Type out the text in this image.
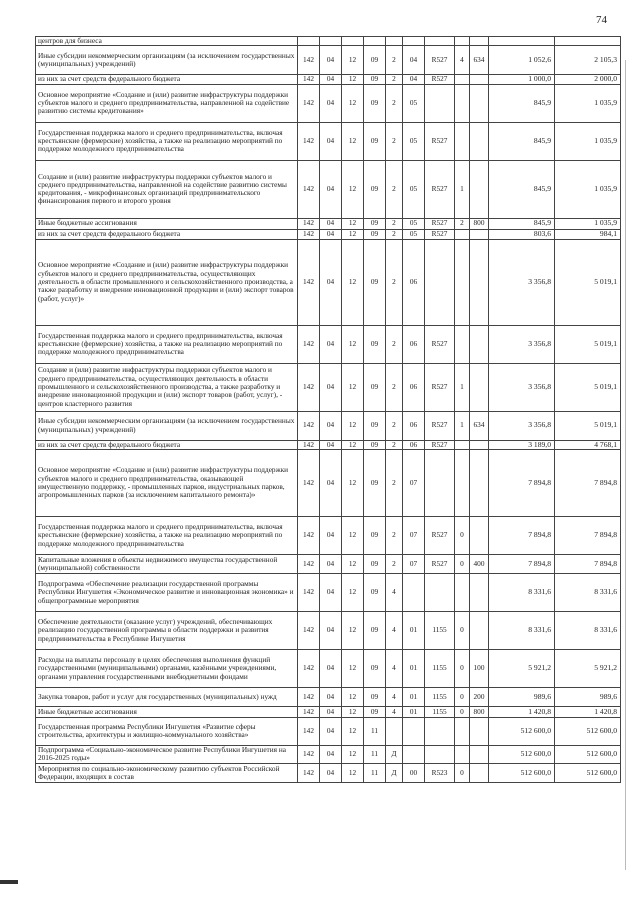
74
центров для бизнеса											
Иные субсидии некоммерческим организациям (за исключением государственных (муниципальных) учреждений)	142	04	12	09	2	04	R527	4	634	1 052,6	2 105,3
из них за счет средств федерального бюджета	142	04	12	09	2	04	R527			1 000,0	2 000,0
Основное мероприятие «Создание и (или) развитие инфраструктуры поддержки субъектов малого и среднего предпринимательства, направленной на содействие развитию системы кредитования»	142	04	12	09	2	05				845,9	1 035,9
Государственная поддержка малого и среднего предпринимательства, включая крестьянские (фермерские) хозяйства, а также на реализацию мероприятий по поддержке молодежного предпринимательства	142	04	12	09	2	05	R527			845,9	1 035,9
Создание и (или) развитие инфраструктуры поддержки субъектов малого и среднего предпринимательства, направленной на содействие развитию системы кредитования, - микрофинансовых организаций предпринимательского финансирования первого и второго уровня	142	04	12	09	2	05	R527	1		845,9	1 035,9
Иные бюджетные ассигнования	142	04	12	09	2	05	R527	2	800	845,9	1 035,9
из них за счет средств федерального бюджета	142	04	12	09	2	05	R527			803,6	984,1
Основное мероприятие «Создание и (или) развитие инфраструктуры поддержки субъектов малого и среднего предпринимательства, осуществляющих деятельность в области промышленного и сельскохозяйственного производства, а также разработку и внедрение инновационной продукции и (или) экспорт товаров (работ, услуг)»	142	04	12	09	2	06				3 356,8	5 019,1
Государственная поддержка малого и среднего предпринимательства, включая крестьянские (фермерские) хозяйства, а также на реализацию мероприятий по поддержке молодежного предпринимательства	142	04	12	09	2	06	R527			3 356,8	5 019,1
Создание и (или) развитие инфраструктуры поддержки субъектов малого и среднего предпринимательства, осуществляющих деятельность в области промышленного и сельскохозяйственного производства, а также разработку и внедрение инновационной продукции и (или) экспорт товаров (работ, услуг), - центров кластерного развития	142	04	12	09	2	06	R527	1		3 356,8	5 019,1
Иные субсидии некоммерческим организациям (за исключением государственных (муниципальных) учреждений)	142	04	12	09	2	06	R527	1	634	3 356,8	5 019,1
из них за счет средств федерального бюджета	142	04	12	09	2	06	R527			3 189,0	4 768,1
Основное мероприятие «Создание и (или) развитие инфраструктуры поддержки субъектов малого и среднего предпринимательства, оказывающей имущественную поддержку, - промышленных парков, индустриальных парков, агропромышленных парков (за исключением капитального ремонта)»	142	04	12	09	2	07				7 894,8	7 894,8
Государственная поддержка малого и среднего предпринимательства, включая крестьянские (фермерские) хозяйства, а также на реализацию мероприятий по поддержке молодежного предпринимательства	142	04	12	09	2	07	R527	0		7 894,8	7 894,8
Капитальные вложения в объекты недвижимого имущества государственной (муниципальной) собственности	142	04	12	09	2	07	R527	0	400	7 894,8	7 894,8
Подпрограмма «Обеспечение реализации государственной программы Республики Ингушетия «Экономическое развитие и инновационная экономика» и общепрограммные мероприятия	142	04	12	09	4					8 331,6	8 331,6
Обеспечение деятельности (оказание услуг) учреждений, обеспечивающих реализацию государственной программы в области поддержки и развития предпринимательства в Республике Ингушетия	142	04	12	09	4	01	1155	0		8 331,6	8 331,6
Расходы на выплаты персоналу в целях обеспечения выполнения функций государственными (муниципальными) органами, казёнными учреждениями, органами управления государственными внебюджетными фондами	142	04	12	09	4	01	1155	0	100	5 921,2	5 921,2
Закупка товаров, работ и услуг для государственных (муниципальных) нужд	142	04	12	09	4	01	1155	0	200	989,6	989,6
Иные бюджетные ассигнования	142	04	12	09	4	01	1155	0	800	1 420,8	1 420,8
Государственная программа Республики Ингушетия «Развитие сферы строительства, архитектуры и жилищно-коммунального хозяйства»	142	04	12	11						512 600,0	512 600,0
Подпрограмма «Социально-экономическое развитие Республики Ингушетия на 2016-2025 годы»	142	04	12	11	Д					512 600,0	512 600,0
Мероприятия по социально-экономическому развитию субъектов Российской Федерации, входящих в состав	142	04	12	11	Д	00	R523	0		512 600,0	512 600,0
